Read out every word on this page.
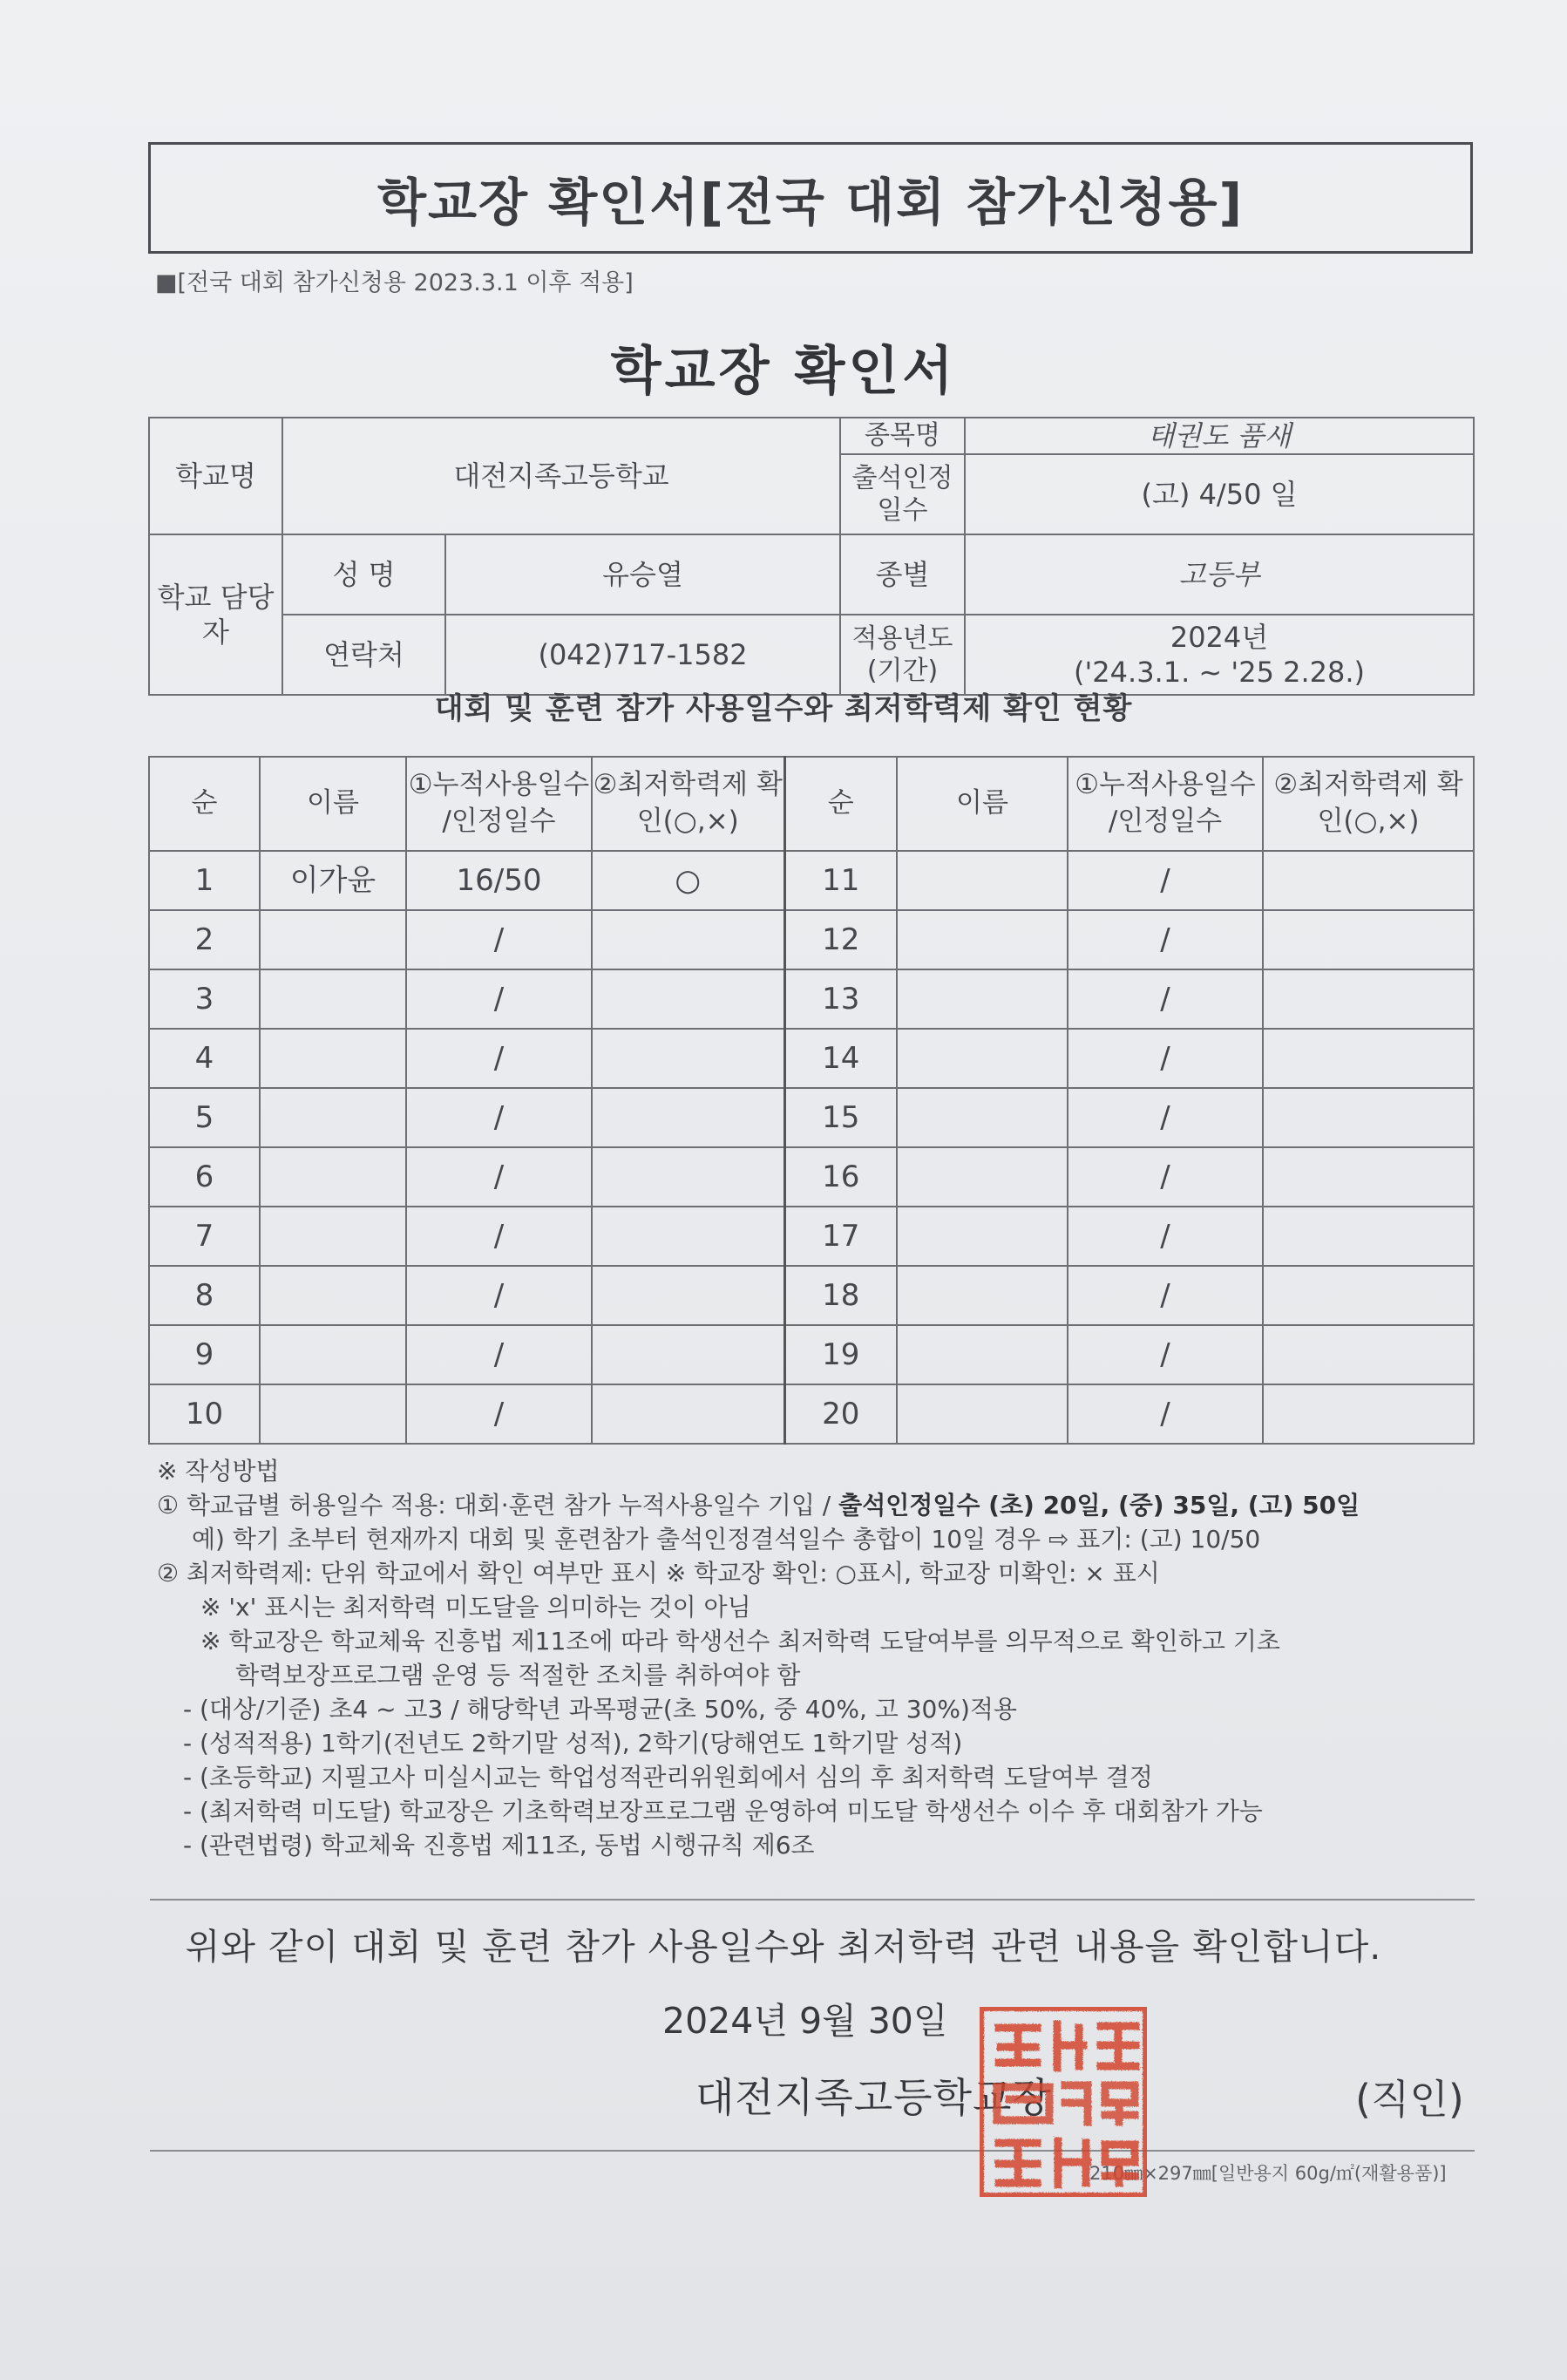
학교장 확인서[전국 대회 참가신청용]
■[전국 대회 참가신청용 2023.3.1 이후 적용]
학교장 확인서
학교명	대전지족고등학교		종목명	태권도 품새
			출석인정 일수	(고) 4/50 일
학교 담당자	성 명	유승열	종별	고등부
	연락처	(042)717-1582	적용년도 (기간)	2024년
('24.3.1. ~ '25 2.28.)
대회 및 훈련 참가 사용일수와 최저학력제 확인 현황
순	이름	①누적사용일수 /인정일수	②최저학력제 확인(○,×)	순	이름	①누적사용일수 /인정일수	②최저학력제 확인(○,×)
1	이가윤	16/50	○	11		/	
2		/		12		/	
3		/		13		/	
4		/		14		/	
5		/		15		/	
6		/		16		/	
7		/		17		/	
8		/		18		/	
9		/		19		/	
10		/		20		/	
※ 작성방법
① 학교급별 허용일수 적용: 대회·훈련 참가 누적사용일수 기입 / 출석인정일수 (초) 20일, (중) 35일, (고) 50일
예) 학기 초부터 현재까지 대회 및 훈련참가 출석인정결석일수 총합이 10일 경우 ⇨ 표기: (고) 10/50
② 최저학력제: 단위 학교에서 확인 여부만 표시 ※ 학교장 확인: ○표시, 학교장 미확인: × 표시
※ 'x' 표시는 최저학력 미도달을 의미하는 것이 아님
※ 학교장은 학교체육 진흥법 제11조에 따라 학생선수 최저학력 도달여부를 의무적으로 확인하고 기초
학력보장프로그램 운영 등 적절한 조치를 취하여야 함
- (대상/기준) 초4 ~ 고3 / 해당학년 과목평균(초 50%, 중 40%, 고 30%)적용
- (성적적용) 1학기(전년도 2학기말 성적), 2학기(당해연도 1학기말 성적)
- (초등학교) 지필고사 미실시교는 학업성적관리위원회에서 심의 후 최저학력 도달여부 결정
- (최저학력 미도달) 학교장은 기초학력보장프로그램 운영하여 미도달 학생선수 이수 후 대회참가 가능
- (관련법령) 학교체육 진흥법 제11조, 동법 시행규칙 제6조
위와 같이 대회 및 훈련 참가 사용일수와 최저학력 관련 내용을 확인합니다.
2024년 9월 30일
대전지족고등학교장	(직인)
210㎜×297㎜[일반용지 60g/㎡(재활용품)]
